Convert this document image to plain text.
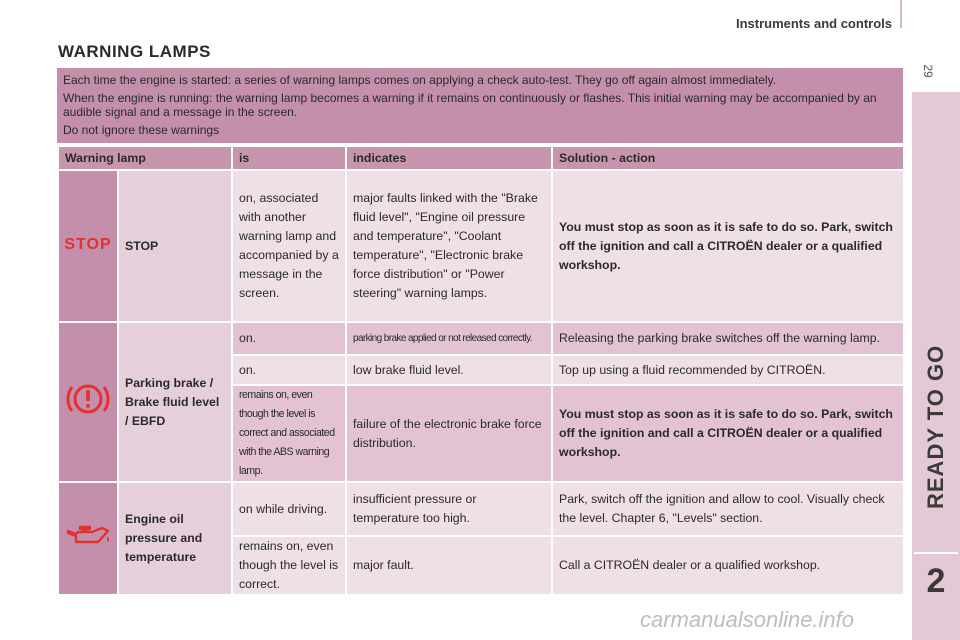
Instruments and controls
29
2
WARNING LAMPS

Each time the engine is started: a series of warning lamps comes on applying a check auto-test. They go off again almost immediately.

When the engine is running: the warning lamp becomes a warning if it remains on continuously or flashes. This initial warning may be accompanied by an audible signal and a message in the screen.

Do not ignore these warnings

Warning lamp		is	indicates	Solution - action

STOP	STOP	on, associated with another warning lamp and accompanied by a message in the screen.	major faults linked with the "Brake fluid level", "Engine oil pressure and temperature", "Coolant temperature", "Electronic brake force distribution" or "Power steering" warning lamps.	You must stop as soon as it is safe to do so. Park, switch off the ignition and call a CITROËN dealer or a qualified workshop.
	Parking brake / Brake fluid level / EBFD	on.	parking brake applied or not released correctly.	Releasing the parking brake switches off the warning lamp.
		on.	low brake fluid level.	Top up using a fluid recommended by CITROËN.
		remains on, even though the level is correct and associated with the ABS warning lamp.	failure of the electronic brake force distribution.	You must stop as soon as it is safe to do so. Park, switch off the ignition and call a CITROËN dealer or a qualified workshop.
	Engine oil pressure and temperature	on while driving.	insufficient pressure or temperature too high.	Park, switch off the ignition and allow to cool. Visually check the level. Chapter 6, "Levels" section.
		remains on, even though the level is correct.	major fault.	Call a CITROËN dealer or a qualified workshop.
carmanualsonline.info
